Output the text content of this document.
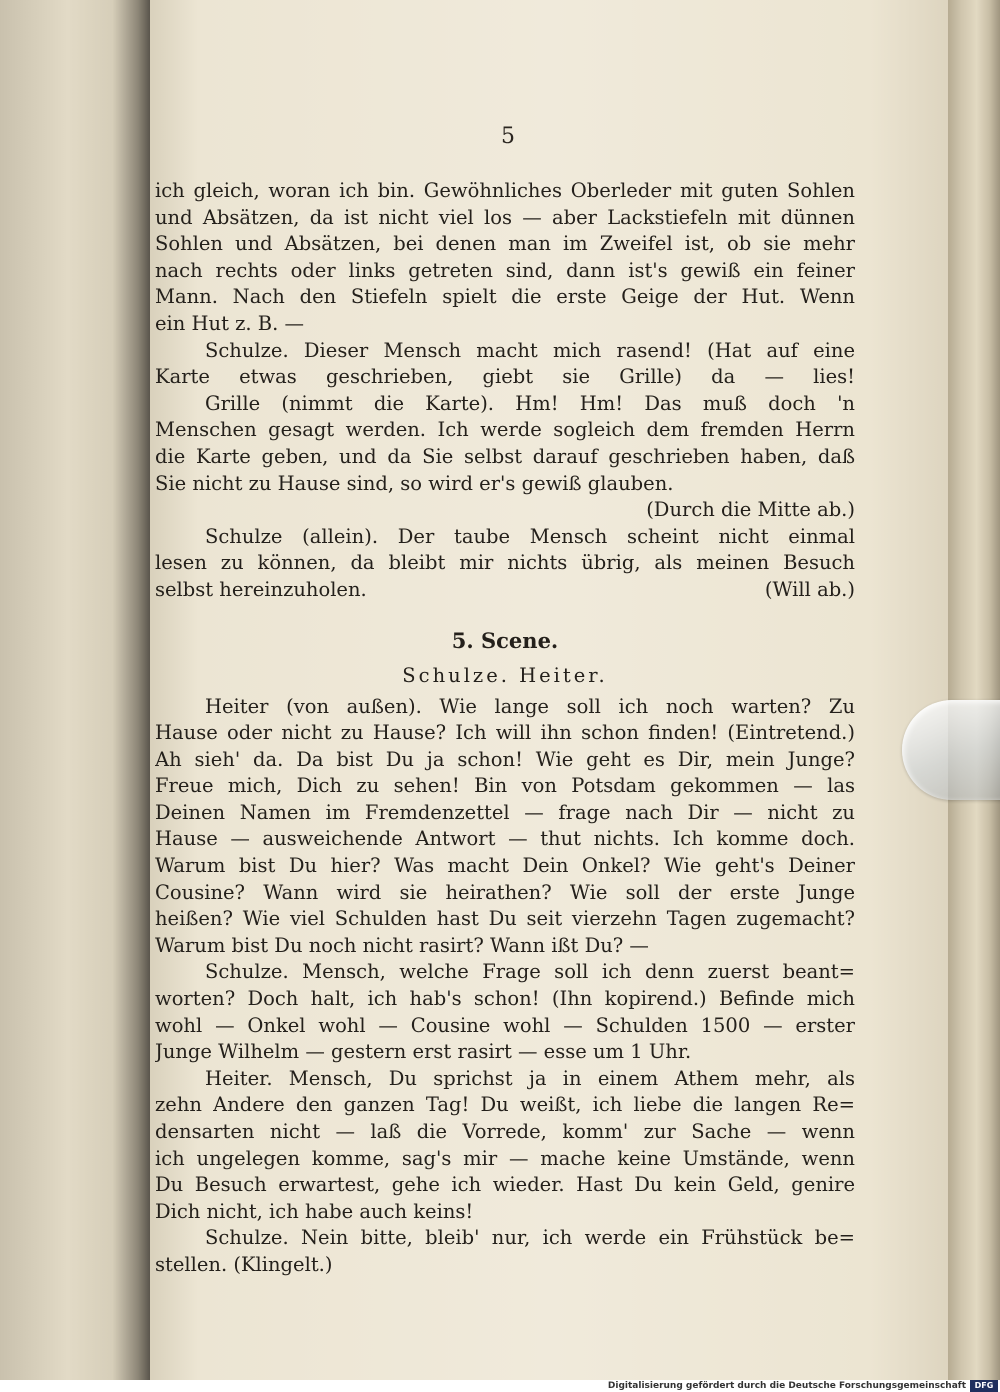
5
ich gleich, woran ich bin. Gewöhnliches Oberleder mit guten Sohlen
und Absätzen, da ist nicht viel los — aber Lackstiefeln mit dünnen
Sohlen und Absätzen, bei denen man im Zweifel ist, ob sie mehr
nach rechts oder links getreten sind, dann ist's gewiß ein feiner
Mann. Nach den Stiefeln spielt die erste Geige der Hut. Wenn
ein Hut z. B. —
Schulze. Dieser Mensch macht mich rasend! (Hat auf eine
Karte etwas geschrieben, giebt sie Grille) da — lies!
Grille (nimmt die Karte). Hm! Hm! Das muß doch 'n
Menschen gesagt werden. Ich werde sogleich dem fremden Herrn
die Karte geben, und da Sie selbst darauf geschrieben haben, daß
Sie nicht zu Hause sind, so wird er's gewiß glauben.
(Durch die Mitte ab.)
Schulze (allein). Der taube Mensch scheint nicht einmal
lesen zu können, da bleibt mir nichts übrig, als meinen Besuch
selbst hereinzuholen.	(Will ab.)
5. Scene.
Schulze. Heiter.
Heiter (von außen). Wie lange soll ich noch warten? Zu
Hause oder nicht zu Hause? Ich will ihn schon finden! (Eintretend.)
Ah sieh' da. Da bist Du ja schon! Wie geht es Dir, mein Junge?
Freue mich, Dich zu sehen! Bin von Potsdam gekommen — las
Deinen Namen im Fremdenzettel — frage nach Dir — nicht zu
Hause — ausweichende Antwort — thut nichts. Ich komme doch.
Warum bist Du hier? Was macht Dein Onkel? Wie geht's Deiner
Cousine? Wann wird sie heirathen? Wie soll der erste Junge
heißen? Wie viel Schulden hast Du seit vierzehn Tagen zugemacht?
Warum bist Du noch nicht rasirt? Wann ißt Du? —
Schulze. Mensch, welche Frage soll ich denn zuerst beant=
worten? Doch halt, ich hab's schon! (Ihn kopirend.) Befinde mich
wohl — Onkel wohl — Cousine wohl — Schulden 1500 — erster
Junge Wilhelm — gestern erst rasirt — esse um 1 Uhr.
Heiter. Mensch, Du sprichst ja in einem Athem mehr, als
zehn Andere den ganzen Tag! Du weißt, ich liebe die langen Re=
densarten nicht — laß die Vorrede, komm' zur Sache — wenn
ich ungelegen komme, sag's mir — mache keine Umstände, wenn
Du Besuch erwartest, gehe ich wieder. Hast Du kein Geld, genire
Dich nicht, ich habe auch keins!
Schulze. Nein bitte, bleib' nur, ich werde ein Frühstück be=
stellen. (Klingelt.)
Digitalisierung gefördert durch die Deutsche Forschungsgemeinschaft	DFG
